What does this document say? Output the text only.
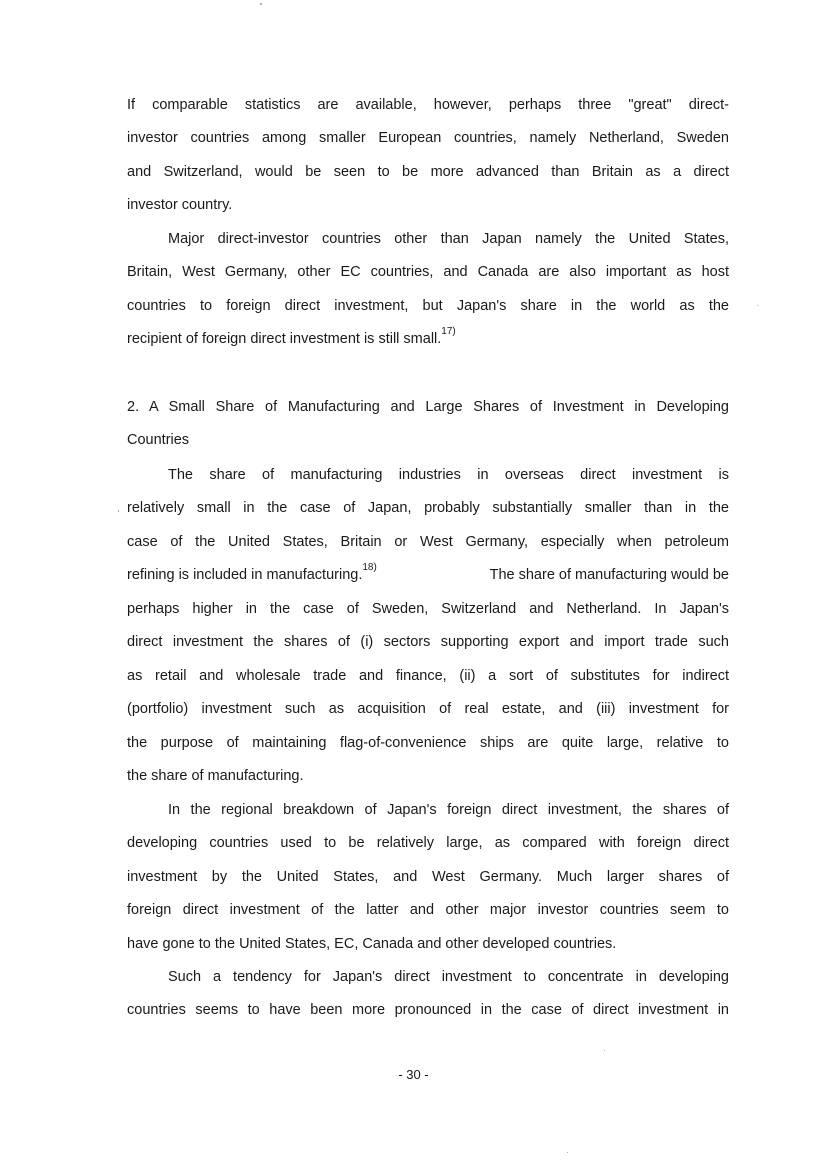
If comparable statistics are available, however, perhaps three "great" direct-
investor countries among smaller European countries, namely Netherland, Sweden
and Switzerland, would be seen to be more advanced than Britain as a direct
investor country.
Major direct-investor countries other than Japan namely the United States,
Britain, West Germany, other EC countries, and Canada are also important as host
countries to foreign direct investment, but Japan's share in the world as the
recipient of foreign direct investment is still small.$^{17)}$
2. A Small Share of Manufacturing and Large Shares of Investment in Developing
Countries
The share of manufacturing industries in overseas direct investment is
relatively small in the case of Japan, probably substantially smaller than in the
case of the United States, Britain or West Germany, especially when petroleum
refining is included in manufacturing.$^{18)}$	The share of manufacturing would be
perhaps higher in the case of Sweden, Switzerland and Netherland. In Japan's
direct investment the shares of (i) sectors supporting export and import trade such
as retail and wholesale trade and finance, (ii) a sort of substitutes for indirect
(portfolio) investment such as acquisition of real estate, and (iii) investment for
the purpose of maintaining flag-of-convenience ships are quite large, relative to
the share of manufacturing.
In the regional breakdown of Japan's foreign direct investment, the shares of
developing countries used to be relatively large, as compared with foreign direct
investment by the United States, and West Germany. Much larger shares of
foreign direct investment of the latter and other major investor countries seem to
have gone to the United States, EC, Canada and other developed countries.
Such a tendency for Japan's direct investment to concentrate in developing
countries seems to have been more pronounced in the case of direct investment in
- 30 -
